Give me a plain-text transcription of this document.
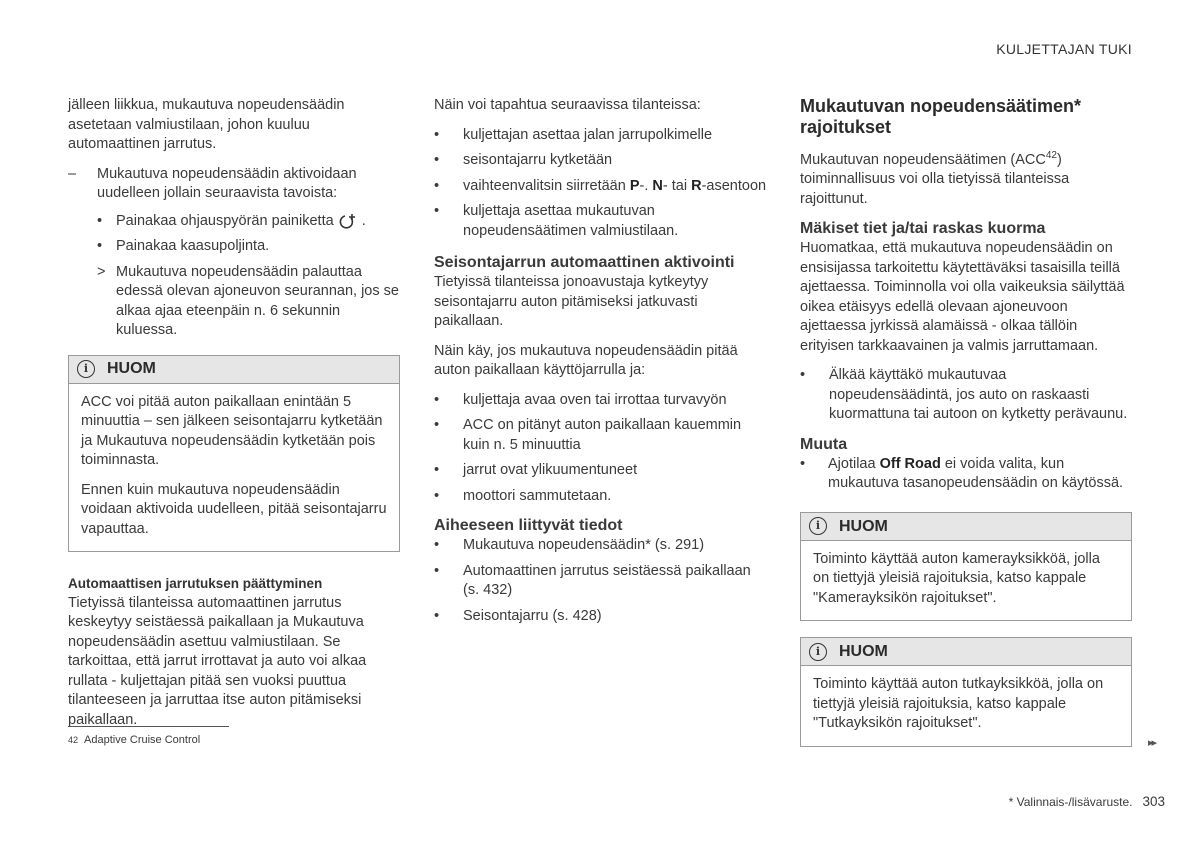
KULJETTAJAN TUKI

jälleen liikkua, mukautuva nopeudensäädin asetetaan valmiustilaan, johon kuuluu automaattinen jarrutus.

–	Mukautuva nopeudensäädin aktivoidaan uudelleen jollain seuraavista tavoista:
• Painakaa ohjauspyörän painiketta .
• Painakaa kaasupoljinta.
> Mukautuva nopeudensäädin palauttaa edessä olevan ajoneuvon seurannan, jos se alkaa ajaa eteenpäin n. 6 sekunnin kuluessa.
i	HUOM

ACC voi pitää auton paikallaan enintään 5 minuuttia – sen jälkeen seisontajarru kytketään ja Mukautuva nopeudensäädin kytketään pois toiminnasta.

Ennen kuin mukautuva nopeudensäädin voidaan aktivoida uudelleen, pitää seisontajarru vapauttaa.

Automaattisen jarrutuksen päättyminen

Tietyissä tilanteissa automaattinen jarrutus keskeytyy seistäessä paikallaan ja Mukautuva nopeudensäädin asettuu valmiustilaan. Se tarkoittaa, että jarrut irrottavat ja auto voi alkaa rullata - kuljettajan pitää sen vuoksi puuttua tilanteeseen ja jarruttaa itse auton pitämiseksi paikallaan.

Näin voi tapahtua seuraavissa tilanteissa:

•	kuljettajan asettaa jalan jarrupolkimelle
•	seisontajarru kytketään
•	vaihteenvalitsin siirretään P-. N- tai R-asentoon
•	kuljettaja asettaa mukautuvan nopeudensäätimen valmiustilaan.
Seisontajarrun automaattinen aktivointi

Tietyissä tilanteissa jonoavustaja kytkeytyy seisontajarru auton pitämiseksi jatkuvasti paikallaan.

Näin käy, jos mukautuva nopeudensäädin pitää auton paikallaan käyttöjarrulla ja:

•	kuljettaja avaa oven tai irrottaa turvavyön
•	ACC on pitänyt auton paikallaan kauemmin kuin n. 5 minuuttia
•	jarrut ovat ylikuumentuneet
•	moottori sammutetaan.
Aiheeseen liittyvät tiedot
•	Mukautuva nopeudensäädin* (s. 291)
•	Automaattinen jarrutus seistäessä paikallaan (s. 432)
•	Seisontajarru (s. 428)
Mukautuvan nopeudensäätimen* rajoitukset

Mukautuvan nopeudensäätimen (ACC$^{42}$) toiminnallisuus voi olla tietyissä tilanteissa rajoittunut.

Mäkiset tiet ja/tai raskas kuorma

Huomatkaa, että mukautuva nopeudensäädin on ensisijassa tarkoitettu käytettäväksi tasaisilla teillä ajettaessa. Toiminnolla voi olla vaikeuksia säilyttää oikea etäisyys edellä olevaan ajoneuvoon ajettaessa jyrkissä alamäissä - olkaa tällöin erityisen tarkkaavainen ja valmis jarruttamaan.

•	Älkää käyttäkö mukautuvaa nopeudensäädintä, jos auto on raskaasti kuormattuna tai autoon on kytketty perävaunu.
Muuta
•	Ajotilaa Off Road ei voida valita, kun mukautuva tasanopeudensäädin on käytössä.
i	HUOM

Toiminto käyttää auton kamerayksikköä, jolla on tiettyjä yleisiä rajoituksia, katso kappale "Kamerayksikön rajoitukset".

i	HUOM

Toiminto käyttää auton tutkayksikköä, jolla on tiettyjä yleisiä rajoituksia, katso kappale "Tutkayksikön rajoitukset".

$^{42}$ Adaptive Cruise Control	▸▸
* Valinnais-/lisävaruste. 303
